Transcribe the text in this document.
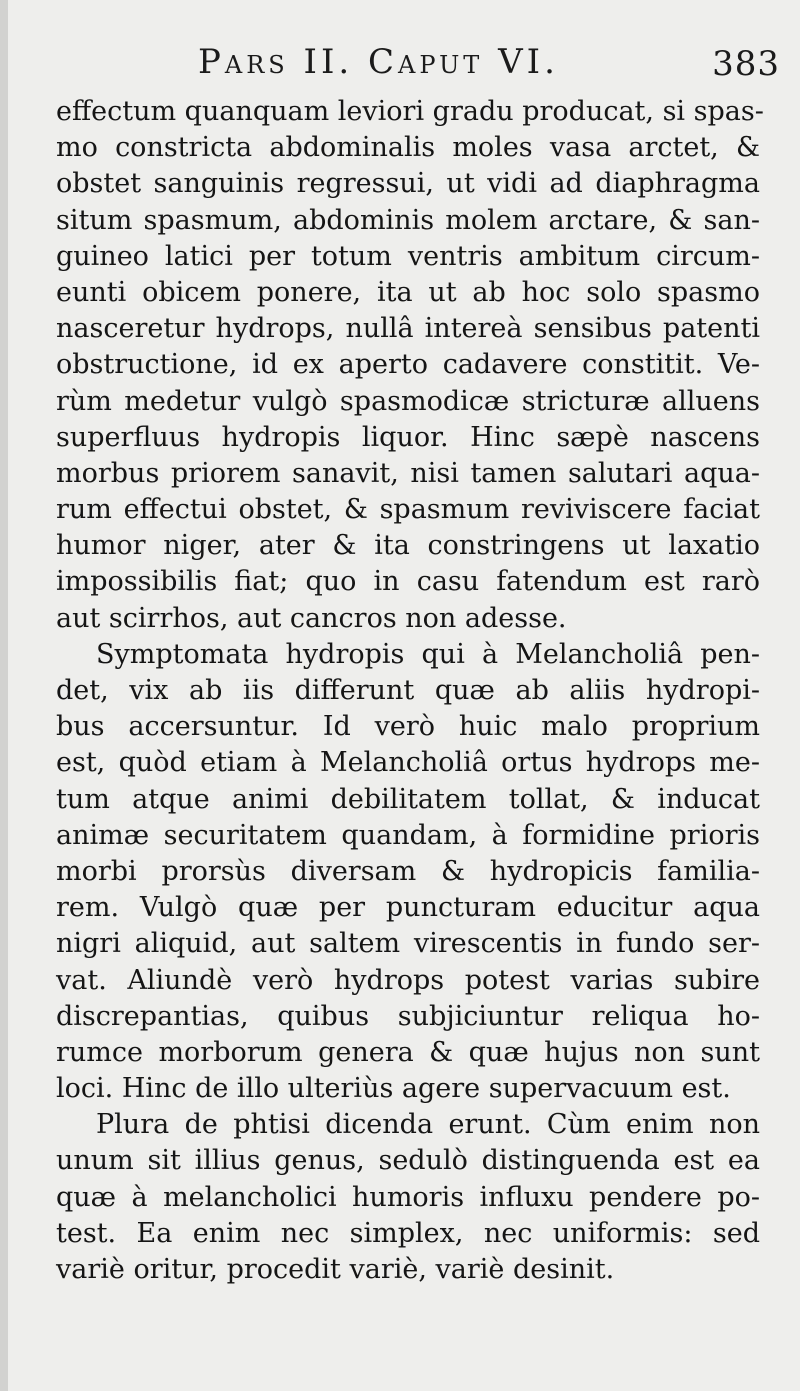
Pars II. Caput VI.	383
effectum quanquam leviori gradu producat, si spas-
mo constricta abdominalis moles vasa arctet, &
obstet sanguinis regressui, ut vidi ad diaphragma
situm spasmum, abdominis molem arctare, & san-
guineo latici per totum ventris ambitum circum-
eunti obicem ponere, ita ut ab hoc solo spasmo
nasceretur hydrops, nullâ intereà sensibus patenti
obstructione, id ex aperto cadavere constitit. Ve-
rùm medetur vulgò spasmodicæ stricturæ alluens
superfluus hydropis liquor. Hinc sæpè nascens
morbus priorem sanavit, nisi tamen salutari aqua-
rum effectui obstet, & spasmum reviviscere faciat
humor niger, ater & ita constringens ut laxatio
impossibilis fiat; quo in casu fatendum est rarò
aut scirrhos, aut cancros non adesse.
Symptomata hydropis qui à Melancholiâ pen-
det, vix ab iis differunt quæ ab aliis hydropi-
bus accersuntur. Id verò huic malo proprium
est, quòd etiam à Melancholiâ ortus hydrops me-
tum atque animi debilitatem tollat, & inducat
animæ securitatem quandam, à formidine prioris
morbi prorsùs diversam & hydropicis familia-
rem. Vulgò quæ per puncturam educitur aqua
nigri aliquid, aut saltem virescentis in fundo ser-
vat. Aliundè verò hydrops potest varias subire
discrepantias, quibus subjiciuntur reliqua ho-
rumce morborum genera & quæ hujus non sunt
loci. Hinc de illo ulteriùs agere supervacuum est.
Plura de phtisi dicenda erunt. Cùm enim non
unum sit illius genus, sedulò distinguenda est ea
quæ à melancholici humoris influxu pendere po-
test. Ea enim nec simplex, nec uniformis: sed
variè oritur, procedit variè, variè desinit.
